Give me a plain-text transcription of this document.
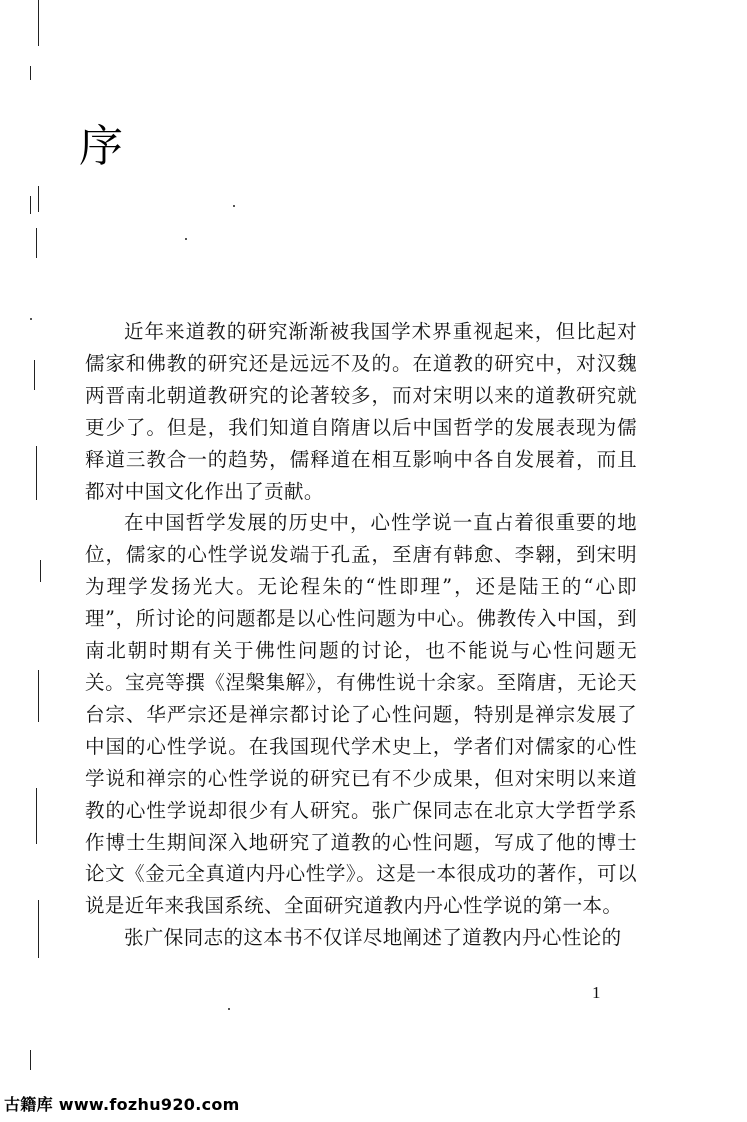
序

近年来道教的研究渐渐被我国学术界重视起来，但比起对儒家和佛教的研究还是远远不及的。在道教的研究中，对汉魏两晋南北朝道教研究的论著较多，而对宋明以来的道教研究就更少了。但是，我们知道自隋唐以后中国哲学的发展表现为儒释道三教合一的趋势，儒释道在相互影响中各自发展着，而且都对中国文化作出了贡献。

在中国哲学发展的历史中，心性学说一直占着很重要的地位，儒家的心性学说发端于孔孟，至唐有韩愈、李翱，到宋明为理学发扬光大。无论程朱的“性即理”，还是陆王的“心即理”，所讨论的问题都是以心性问题为中心。佛教传入中国，到南北朝时期有关于佛性问题的讨论，也不能说与心性问题无关。宝亮等撰《涅槃集解》，有佛性说十余家。至隋唐，无论天台宗、华严宗还是禅宗都讨论了心性问题，特别是禅宗发展了中国的心性学说。在我国现代学术史上，学者们对儒家的心性学说和禅宗的心性学说的研究已有不少成果，但对宋明以来道教的心性学说却很少有人研究。张广保同志在北京大学哲学系作博士生期间深入地研究了道教的心性问题，写成了他的博士论文《金元全真道内丹心性学》。这是一本很成功的著作，可以说是近年来我国系统、全面研究道教内丹心性学说的第一本。

张广保同志的这本书不仅详尽地阐述了道教内丹心性论的

1
古籍库 www.fozhu920.com
